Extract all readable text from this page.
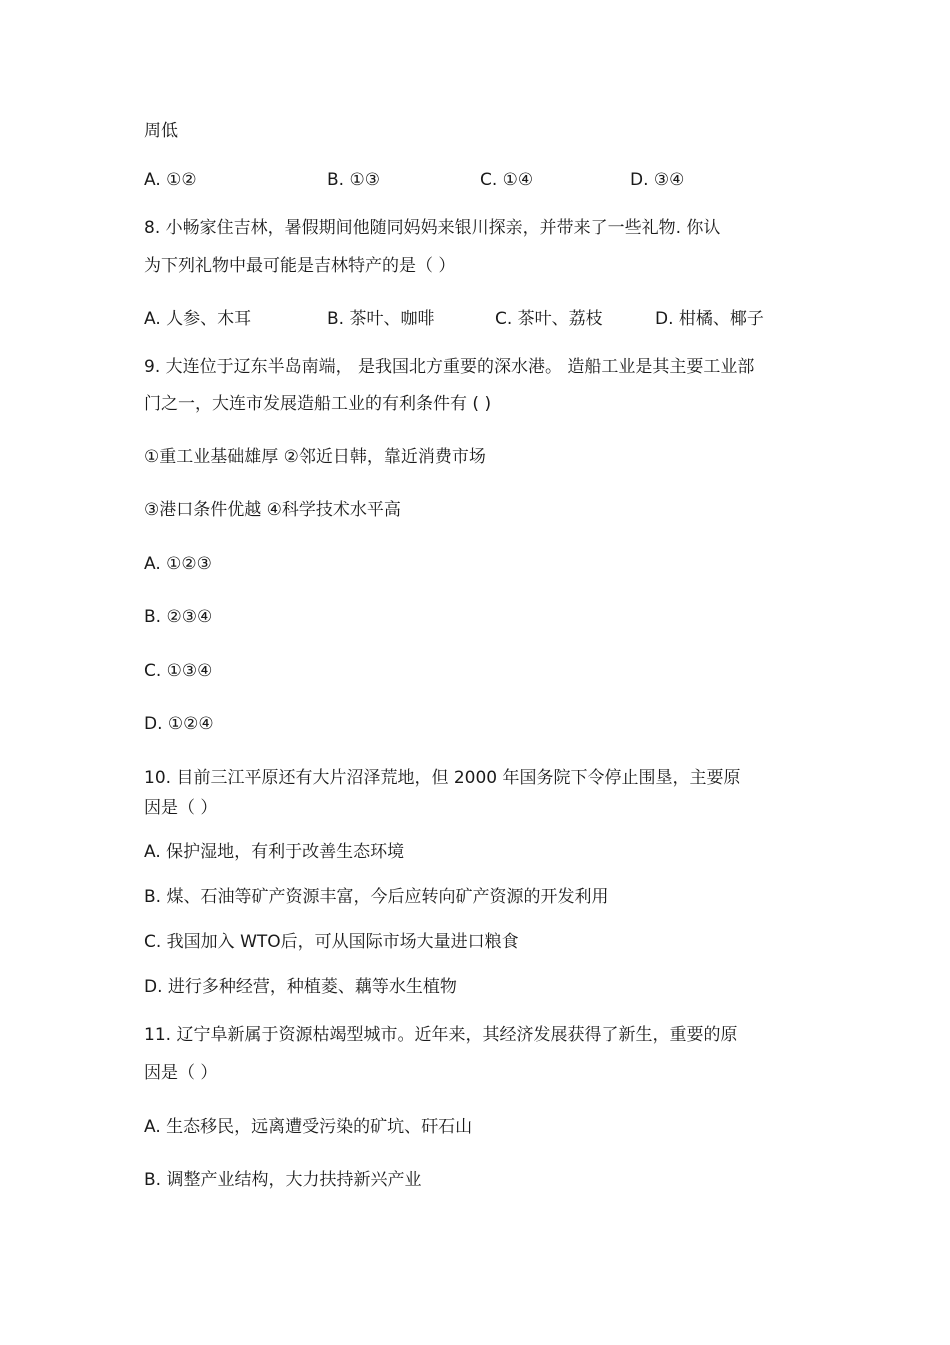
周低
A. ①②	B. ①③	C. ①④	D. ③④
8. 小畅家住吉林，暑假期间他随同妈妈来银川探亲，并带来了一些礼物. 你认
为下列礼物中最可能是吉林特产的是（ ）
A. 人参、木耳	B. 茶叶、咖啡	C. 茶叶、荔枝	D. 柑橘、椰子
9. 大连位于辽东半岛南端， 是我国北方重要的深水港。 造船工业是其主要工业部
门之一，大连市发展造船工业的有利条件有 ( )
①重工业基础雄厚 ②邻近日韩，靠近消费市场
③港口条件优越 ④科学技术水平高
A. ①②③
B. ②③④
C. ①③④
D. ①②④
10. 目前三江平原还有大片沼泽荒地，但 2000 年国务院下令停止围垦，主要原
因是（ ）
A. 保护湿地，有利于改善生态环境
B. 煤、石油等矿产资源丰富，今后应转向矿产资源的开发利用
C. 我国加入 WTO后，可从国际市场大量进口粮食
D. 进行多种经营，种植菱、藕等水生植物
11. 辽宁阜新属于资源枯竭型城市。近年来，其经济发展获得了新生，重要的原
因是（ ）
A. 生态移民，远离遭受污染的矿坑、矸石山
B. 调整产业结构，大力扶持新兴产业
